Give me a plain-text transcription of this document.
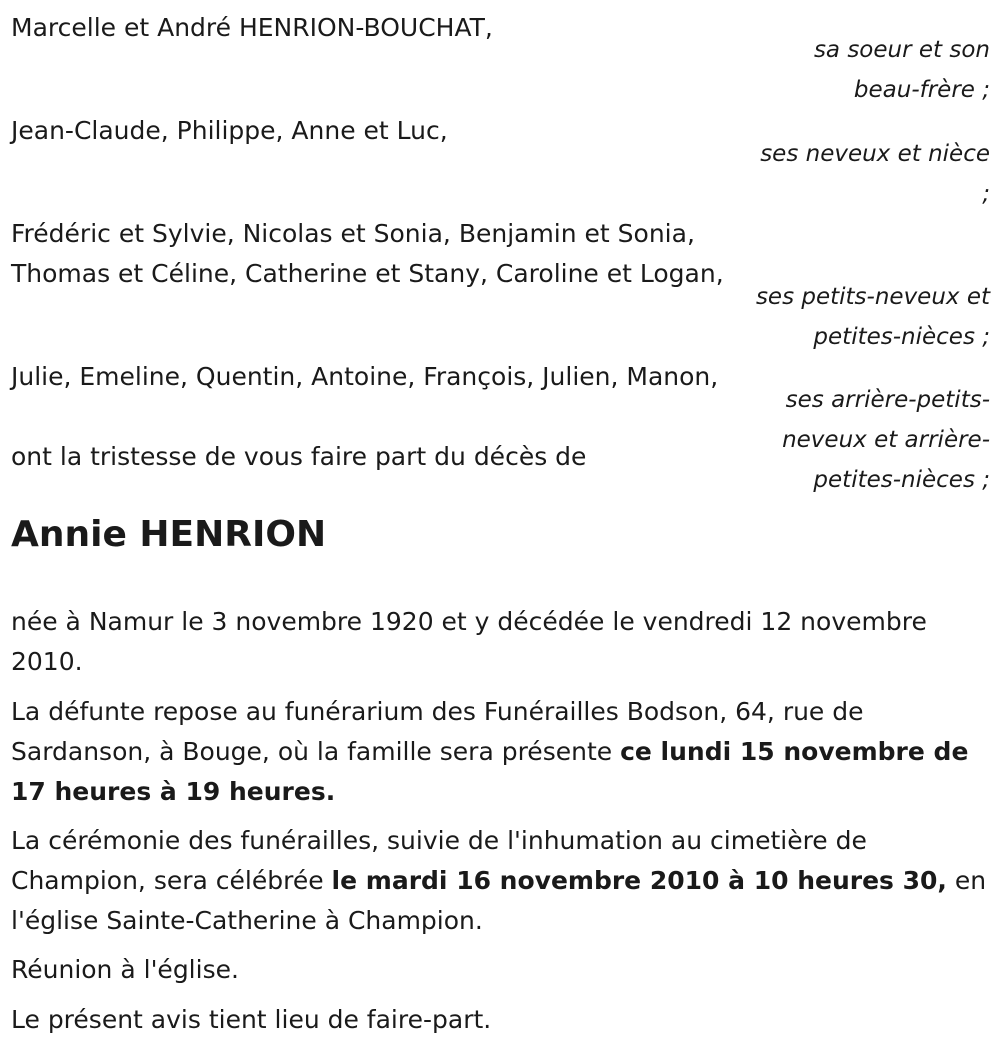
Marcelle et André HENRION-BOUCHAT,
Jean-Claude, Philippe, Anne et Luc,
Frédéric et Sylvie, Nicolas et Sonia, Benjamin et Sonia,
Thomas et Céline, Catherine et Stany, Caroline et Logan,
Julie, Emeline, Quentin, Antoine, François, Julien, Manon,
ont la tristesse de vous faire part du décès de
sa soeur et son
beau-frère ;
ses neveux et nièce
;
ses petits-neveux et
petites-nièces ;
ses arrière-petits-
neveux et arrière-
petites-nièces ;
Annie HENRION
née à Namur le 3 novembre 1920 et y décédée le vendredi 12 novembre 2010.
La défunte repose au funérarium des Funérailles Bodson, 64, rue de Sardanson, à Bouge, où la famille sera présente ce lundi 15 novembre de 17 heures à 19 heures.
La cérémonie des funérailles, suivie de l'inhumation au cimetière de Champion, sera célébrée le mardi 16 novembre 2010 à 10 heures 30, en l'église Sainte-Catherine à Champion.
Réunion à l'église.
Le présent avis tient lieu de faire-part.
